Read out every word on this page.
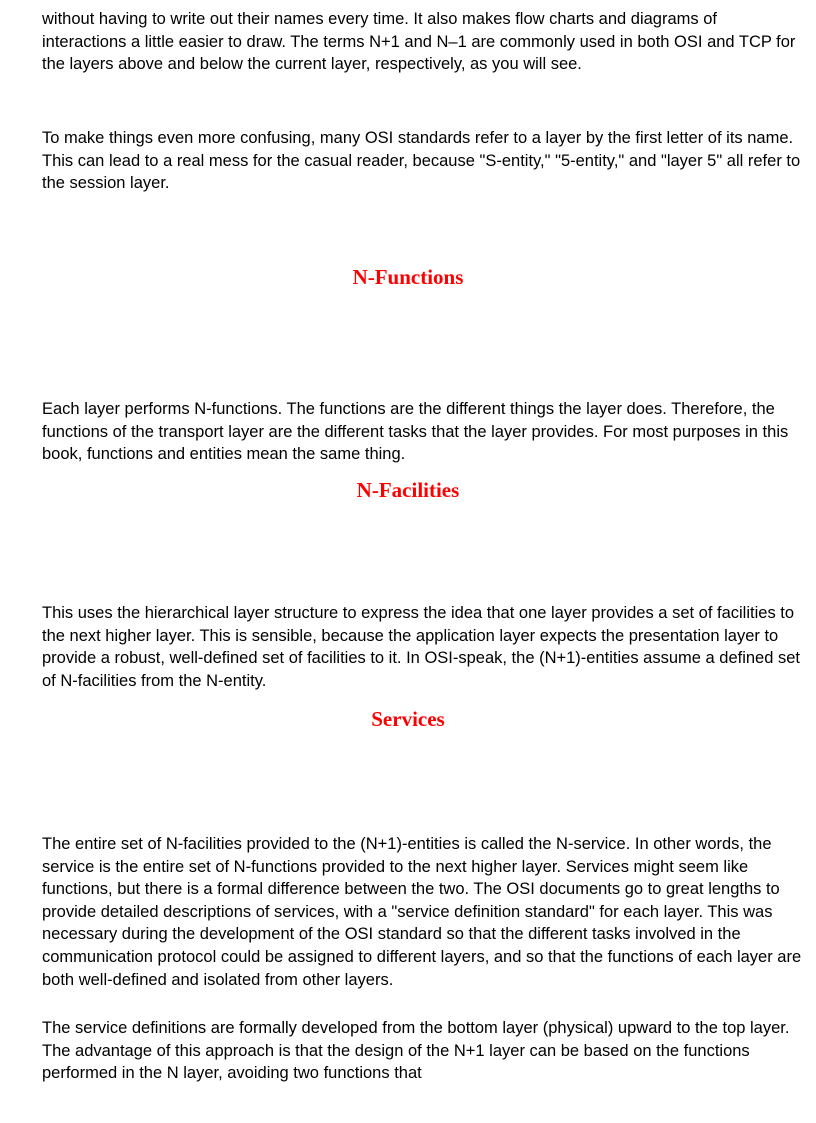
without having to write out their names every time. It also makes flow charts and diagrams of interactions a little easier to draw. The terms N+1 and N–1 are commonly used in both OSI and TCP for the layers above and below the current layer, respectively, as you will see.

To make things even more confusing, many OSI standards refer to a layer by the first letter of its name. This can lead to a real mess for the casual reader, because "S-entity," "5-entity," and "layer 5" all refer to the session layer.

N-Functions

Each layer performs N-functions. The functions are the different things the layer does. Therefore, the functions of the transport layer are the different tasks that the layer provides. For most purposes in this book, functions and entities mean the same thing.

N-Facilities

This uses the hierarchical layer structure to express the idea that one layer provides a set of facilities to the next higher layer. This is sensible, because the application layer expects the presentation layer to provide a robust, well-defined set of facilities to it. In OSI-speak, the (N+1)-entities assume a defined set of N-facilities from the N-entity.

Services

The entire set of N-facilities provided to the (N+1)-entities is called the N-service. In other words, the service is the entire set of N-functions provided to the next higher layer. Services might seem like functions, but there is a formal difference between the two. The OSI documents go to great lengths to provide detailed descriptions of services, with a "service definition standard" for each layer. This was necessary during the development of the OSI standard so that the different tasks involved in the communication protocol could be assigned to different layers, and so that the functions of each layer are both well-defined and isolated from other layers.

The service definitions are formally developed from the bottom layer (physical) upward to the top layer. The advantage of this approach is that the design of the N+1 layer can be based on the functions performed in the N layer, avoiding two functions that
